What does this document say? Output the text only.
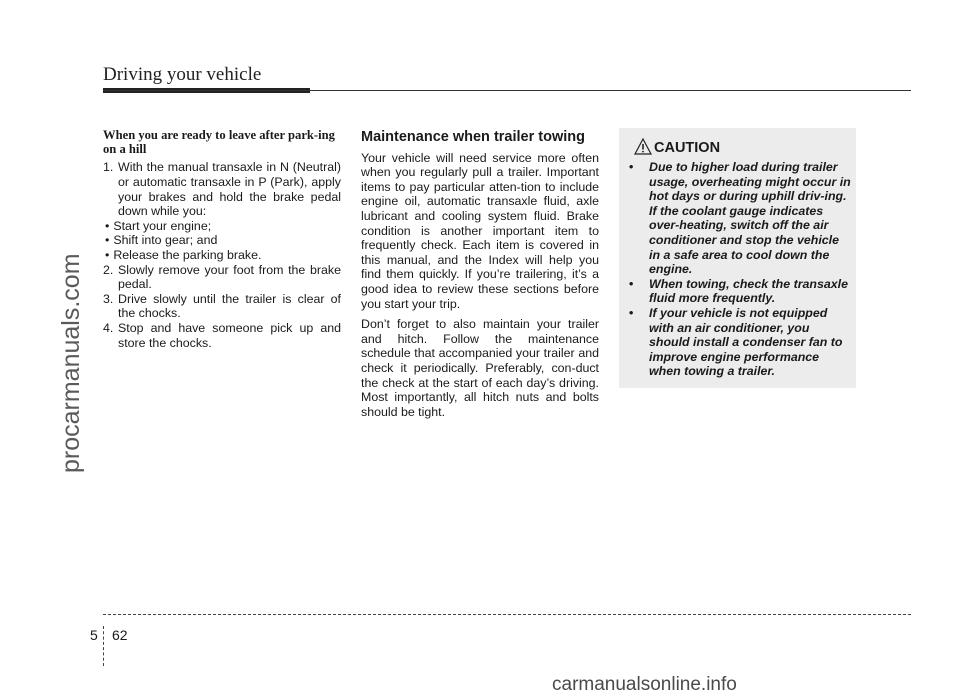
Driving your vehicle
procarmanuals.com
When you are ready to leave after park-ing on a hill
1. With the manual transaxle in N (Neutral) or automatic transaxle in P (Park), apply your brakes and hold the brake pedal down while you:
• Start your engine;
• Shift into gear; and
• Release the parking brake.
2. Slowly remove your foot from the brake pedal.
3. Drive slowly until the trailer is clear of the chocks.
4. Stop and have someone pick up and store the chocks.
Maintenance when trailer towing

Your vehicle will need service more often when you regularly pull a trailer. Important items to pay particular atten-tion to include engine oil, automatic transaxle fluid, axle lubricant and cooling system fluid. Brake condition is another important item to frequently check. Each item is covered in this manual, and the Index will help you find them quickly. If you’re trailering, it’s a good idea to review these sections before you start your trip.

Don’t forget to also maintain your trailer and hitch. Follow the maintenance schedule that accompanied your trailer and check it periodically. Preferably, con-duct the check at the start of each day’s driving. Most importantly, all hitch nuts and bolts should be tight.

CAUTION
• Due to higher load during trailer usage, overheating might occur in hot days or during uphill driv-ing. If the coolant gauge indicates over-heating, switch off the air conditioner and stop the vehicle in a safe area to cool down the engine.
• When towing, check the transaxle fluid more frequently.
• If your vehicle is not equipped with an air conditioner, you should install a condenser fan to improve engine performance when towing a trailer.
5 62
carmanualsonline.info
